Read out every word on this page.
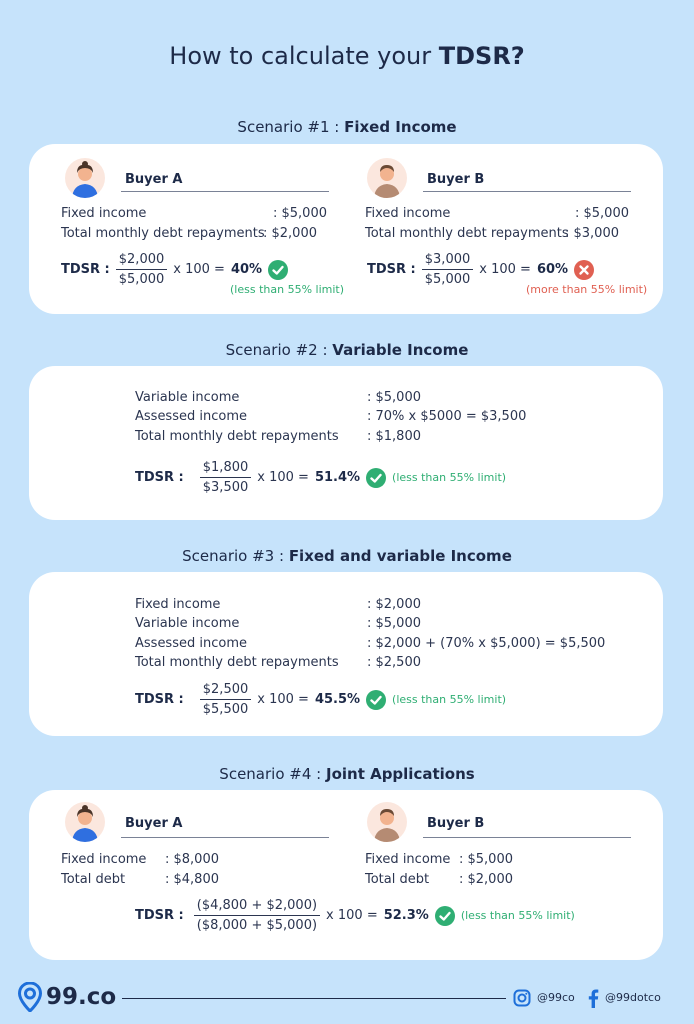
How to calculate your TDSR?
Scenario #1 : Fixed Income
Buyer A
Fixed income	: $5,000
Total monthly debt repayments
: $2,000
TDSR : $\frac{\$2,000}{\$5,000}$ x 100 = 40%
(less than 55% limit)
Buyer B
Fixed income	: $5,000
Total monthly debt repayments
: $3,000
TDSR : $\frac{\$3,000}{\$5,000}$ x 100 = 60%
(more than 55% limit)
Scenario #2 : Variable Income
Variable income	: $5,000
Assessed income	: 70% x $5000 = $3,500
Total monthly debt repayments : $1,800
TDSR : $\frac{\$1,800}{\$3,500}$ x 100 = 51.4%	(less than 55% limit)
Scenario #3 : Fixed and variable Income
Fixed income	: $2,000
Variable income	: $5,000
Assessed income	: $2,000 + (70% x $5,000) = $5,500
Total monthly debt repayments : $2,500
TDSR : $\frac{\$2,500}{\$5,500}$ x 100 = 45.5%	(less than 55% limit)
Scenario #4 : Joint Applications
Buyer A
Fixed income : $8,000
Total debt	: $4,800
Buyer B
Fixed income : $5,000
Total debt : $2,000
TDSR : $\frac{(\$4,800 + \$2,000)}{(\$8,000 + \$5,000)}$ x 100 = 52.3%	(less than 55% limit)
99.co	@99co	@99dotco
